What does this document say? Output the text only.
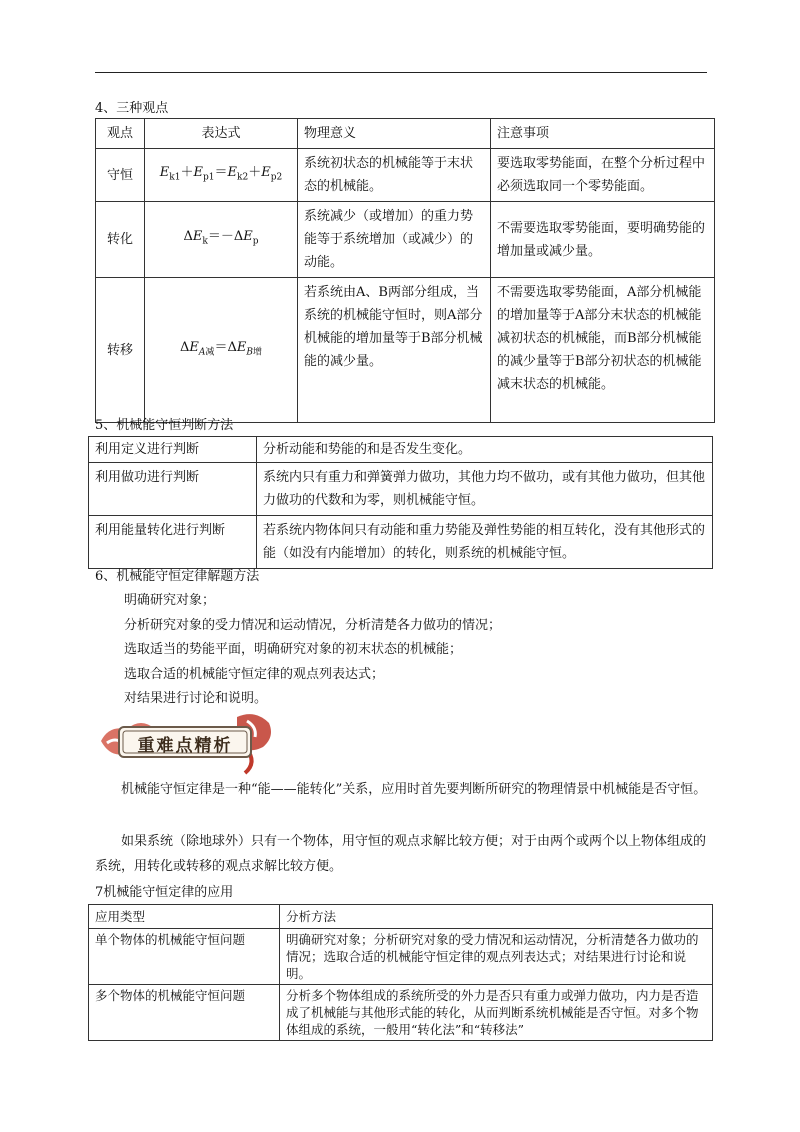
4、三种观点
观点	表达式	物理意义	注意事项
守恒	$E_{k1}+E_{p1}=E_{k2}+E_{p2}$	系统初状态的机械能等于末状态的机械能。	要选取零势能面，在整个分析过程中必须选取同一个零势能面。
转化	$\Delta E_k=-\Delta E_p$	系统减少（或增加）的重力势能等于系统增加（或减少）的动能。	不需要选取零势能面，要明确势能的增加量或减少量。
转移	$\Delta E_{A减}=\Delta E_{B增}$	若系统由A、B两部分组成，当系统的机械能守恒时，则A部分机械能的增加量等于B部分机械能的减少量。	不需要选取零势能面，A部分机械能的增加量等于A部分末状态的机械能减初状态的机械能，而B部分机械能的减少量等于B部分初状态的机械能减末状态的机械能。
5、机械能守恒判断方法
利用定义进行判断	分析动能和势能的和是否发生变化。
利用做功进行判断	系统内只有重力和弹簧弹力做功，其他力均不做功，或有其他力做功，但其他力做功的代数和为零，则机械能守恒。
利用能量转化进行判断	若系统内物体间只有动能和重力势能及弹性势能的相互转化，没有其他形式的能（如没有内能增加）的转化，则系统的机械能守恒。
6、机械能守恒定律解题方法
明确研究对象；
分析研究对象的受力情况和运动情况，分析清楚各力做功的情况；
选取适当的势能平面，明确研究对象的初末状态的机械能；
选取合适的机械能守恒定律的观点列表达式；
对结果进行讨论和说明。
重难点精析
机械能守恒定律是一种“能——能转化”关系，应用时首先要判断所研究的物理情景中机械能是否守恒。
如果系统（除地球外）只有一个物体，用守恒的观点求解比较方便；对于由两个或两个以上物体组成的系统，用转化或转移的观点求解比较方便。
7机械能守恒定律的应用
应用类型	分析方法
单个物体的机械能守恒问题	明确研究对象；分析研究对象的受力情况和运动情况，分析清楚各力做功的情况；选取合适的机械能守恒定律的观点列表达式；对结果进行讨论和说明。
多个物体的机械能守恒问题	分析多个物体组成的系统所受的外力是否只有重力或弹力做功，内力是否造成了机械能与其他形式能的转化，从而判断系统机械能是否守恒。对多个物体组成的系统，一般用“转化法”和“转移法”
